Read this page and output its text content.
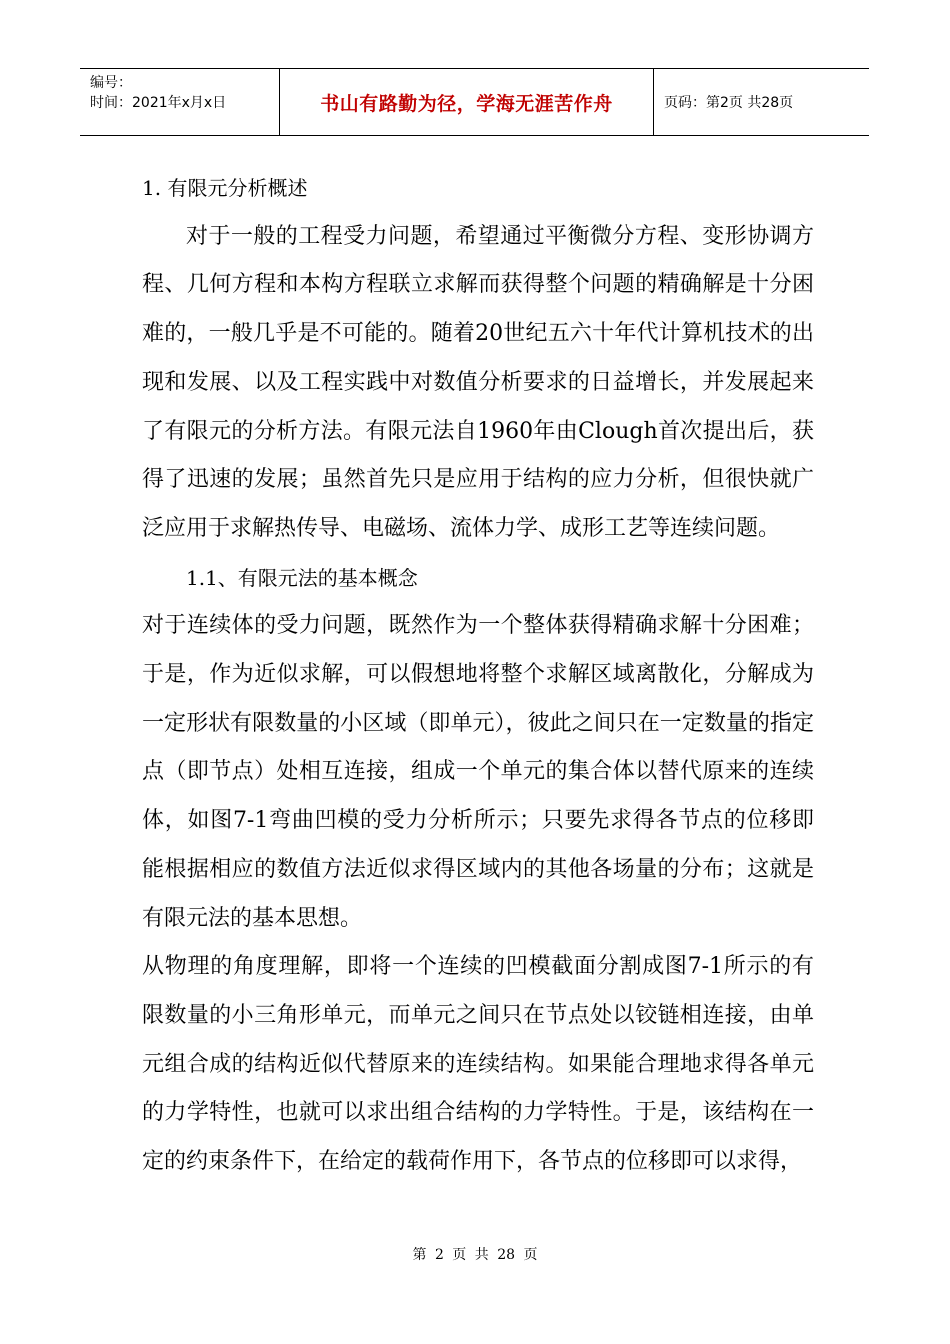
编号：
时间：2021年x月x日	书山有路勤为径，学海无涯苦作舟	页码：第2页 共28页

1. 有限元分析概述

对于一般的工程受力问题，希望通过平衡微分方程、变形协调方程、几何方程和本构方程联立求解而获得整个问题的精确解是十分困难的，一般几乎是不可能的。随着20世纪五六十年代计算机技术的出现和发展、以及工程实践中对数值分析要求的日益增长，并发展起来了有限元的分析方法。有限元法自1960年由Clough首次提出后，获得了迅速的发展；虽然首先只是应用于结构的应力分析，但很快就广泛应用于求解热传导、电磁场、流体力学、成形工艺等连续问题。

1.1、有限元法的基本概念

对于连续体的受力问题，既然作为一个整体获得精确求解十分困难；于是，作为近似求解，可以假想地将整个求解区域离散化，分解成为一定形状有限数量的小区域（即单元），彼此之间只在一定数量的指定点（即节点）处相互连接，组成一个单元的集合体以替代原来的连续体，如图7-1弯曲凹模的受力分析所示；只要先求得各节点的位移即能根据相应的数值方法近似求得区域内的其他各场量的分布；这就是有限元法的基本思想。

从物理的角度理解，即将一个连续的凹模截面分割成图7-1所示的有限数量的小三角形单元，而单元之间只在节点处以铰链相连接，由单元组合成的结构近似代替原来的连续结构。如果能合理地求得各单元的力学特性，也就可以求出组合结构的力学特性。于是，该结构在一定的约束条件下，在给定的载荷作用下，各节点的位移即可以求得，

第 2 页 共 28 页
